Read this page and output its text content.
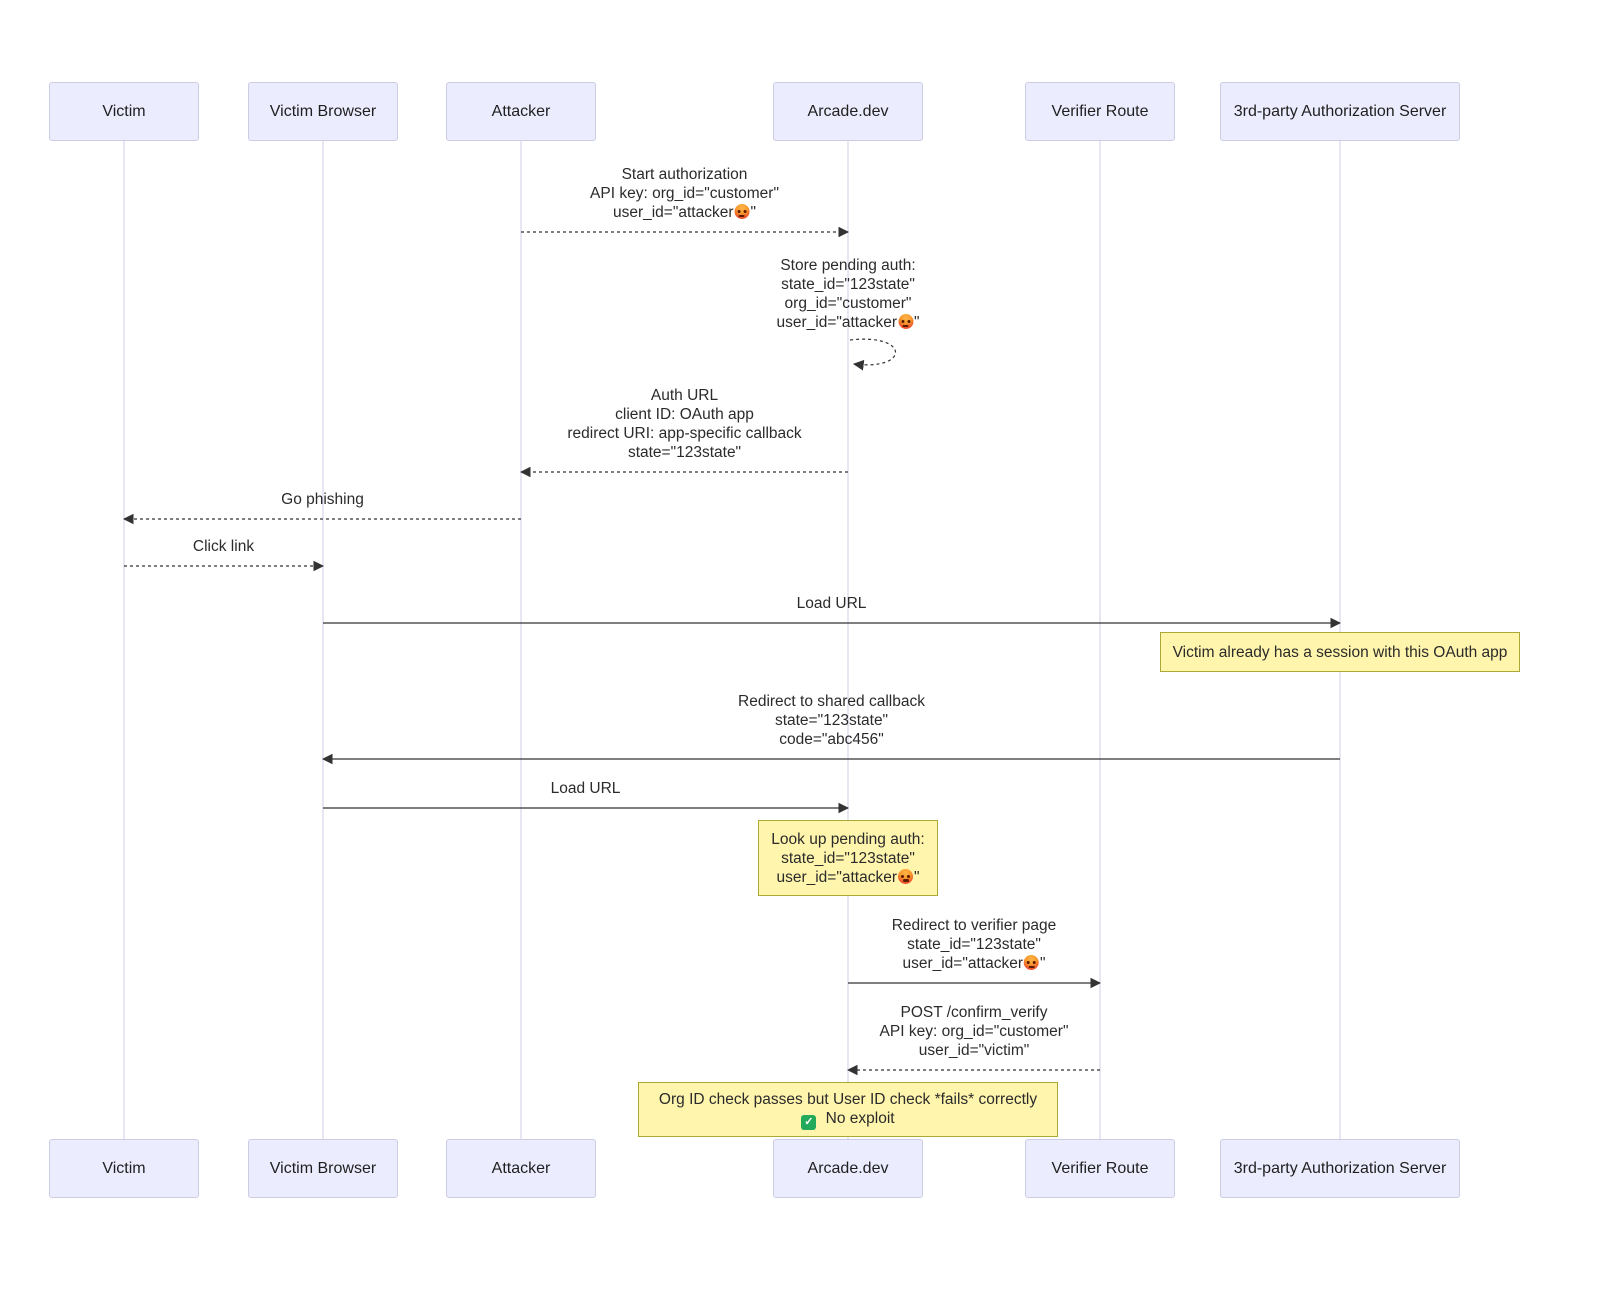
Victim	Victim Browser	Attacker	Arcade.dev	Verifier Route	3rd-party Authorization Server
Victim	Victim Browser	Attacker	Arcade.dev	Verifier Route	3rd-party Authorization Server
Start authorization
API key: org_id="customer"
user_id="attacker "
Store pending auth:
state_id="123state"
org_id="customer"
user_id="attacker "
Auth URL
client ID: OAuth app
redirect URI: app-specific callback
state="123state"
Go phishing
Click link
Load URL
Redirect to shared callback
state="123state"
code="abc456"
Load URL
Redirect to verifier page
state_id="123state"
user_id="attacker "
POST /confirm_verify
API key: org_id="customer"
user_id="victim"
Victim already has a session with this OAuth app
Look up pending auth:
state_id="123state"
user_id="attacker "
Org ID check passes but User ID check *fails* correctly
✓ No exploit
